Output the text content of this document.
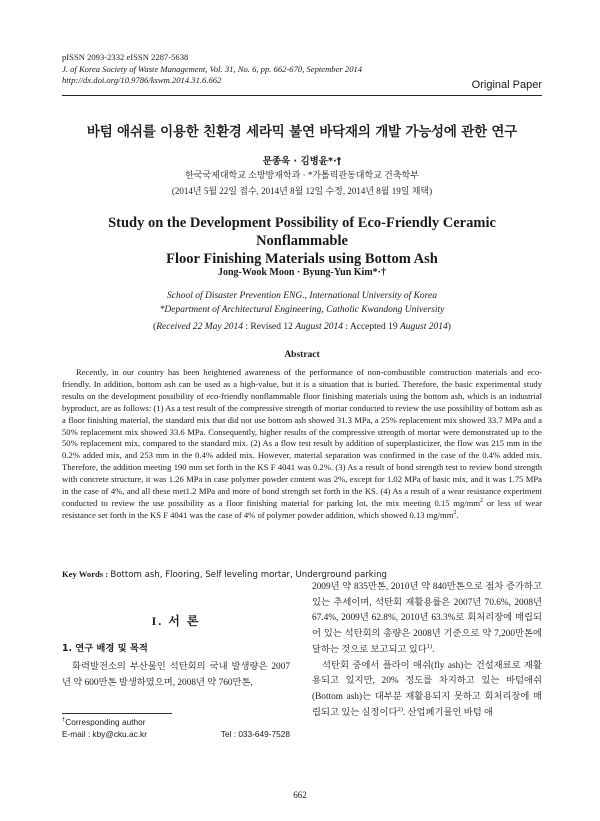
pISSN 2093-2332 eISSN 2287-5638
J. of Korea Society of Waste Management, Vol. 31, No. 6, pp. 662-670, September 2014
http://dx.doi.org/10.9786/kswm.2014.31.6.662	Original Paper
바텀 애쉬를 이용한 친환경 세라믹 불연 바닥재의 개발 가능성에 관한 연구
문종욱 · 김병윤*·†
한국국제대학교 소방방재학과 · *가톨릭관동대학교 건축학부
(2014년 5월 22일 접수, 2014년 8월 12일 수정, 2014년 8월 19일 채택)
Study on the Development Possibility of Eco-Friendly Ceramic Nonflammable
Floor Finishing Materials using Bottom Ash
Jong-Wook Moon · Byung-Yun Kim*·†
School of Disaster Prevention ENG., International University of Korea
*Department of Architectural Engineering, Catholic Kwandong University
(Received 22 May 2014 : Revised 12 August 2014 : Accepted 19 August 2014)
Abstract
Recently, in our country has been heightened awareness of the performance of non-combustible construction materials and eco-friendly. In addition, bottom ash can be used as a high-value, but it is a situation that is buried. Therefore, the basic experimental study results on the development possibility of eco-friendly nonflammable floor finishing materials using the bottom ash, which is an industrial byproduct, are as follows: (1) As a test result of the compressive strength of mortar conducted to review the use possibility of bottom ash as a floor finishing material, the standard mix that did not use bottom ash showed 31.3 MPa, a 25% replacement mix showed 33.7 MPa and a 50% replacement mix showed 33.6 MPa. Consequently, higher results of the compressive strength of mortar were demonstrated up to the 50% replacement mix, compared to the standard mix. (2) As a flow test result by addition of superplasticizer, the flow was 215 mm in the 0.2% added mix, and 253 mm in the 0.4% added mix. However, material separation was confirmed in the case of the 0.4% added mix. Therefore, the addition meeting 190 mm set forth in the KS F 4041 was 0.2%. (3) As a result of bond strength test to review bond strength with concrete structure, it was 1.26 MPa in case polymer powder content was 2%, except for 1.02 MPa of basic mix, and it was 1.75 MPa in the case of 4%, and all these met1.2 MPa and more of bond strength set forth in the KS. (4) As a result of a wear resistance experiment conducted to review the use possibility as a floor finishing material for parking lot, the mix meeting 0.15 $mg/mm^2$ or less of wear resistance set forth in the KS F 4041 was the case of 4% of polymer powder addition, which showed 0.13 $mg/mm^2$.
Key Words : Bottom ash, Flooring, Self leveling mortar, Underground parking
I. 서 론
1. 연구 배경 및 목적
화력발전소의 부산물인 석탄회의 국내 발생량은 2007년 약 600만톤 발생하였으며, 2008년 약 760만톤,
2009년 약 835만톤, 2010년 약 840만톤으로 점차 증가하고 있는 추세이며, 석탄회 재활용률은 2007년 70.6%, 2008년 67.4%, 2009년 62.8%, 2010년 63.3%로 회처리장에 매립되어 있는 석탄회의 총량은 2008년 기준으로 약 7,200만톤에 달하는 것으로 보고되고 있다$^{1)}$.
석탄회 중에서 플라이 애쉬(fly ash)는 건설재료로 재활용되고 있지만, 20% 정도를 차지하고 있는 바텀애쉬(Bottom ash)는 대부분 재활용되지 못하고 회처리장에 매립되고 있는 실정이다$^{2)}$. 산업폐기물인 바텀 애
†Corresponding author
E-mail : kby@cku.ac.kr	Tel : 033-649-7528
662
